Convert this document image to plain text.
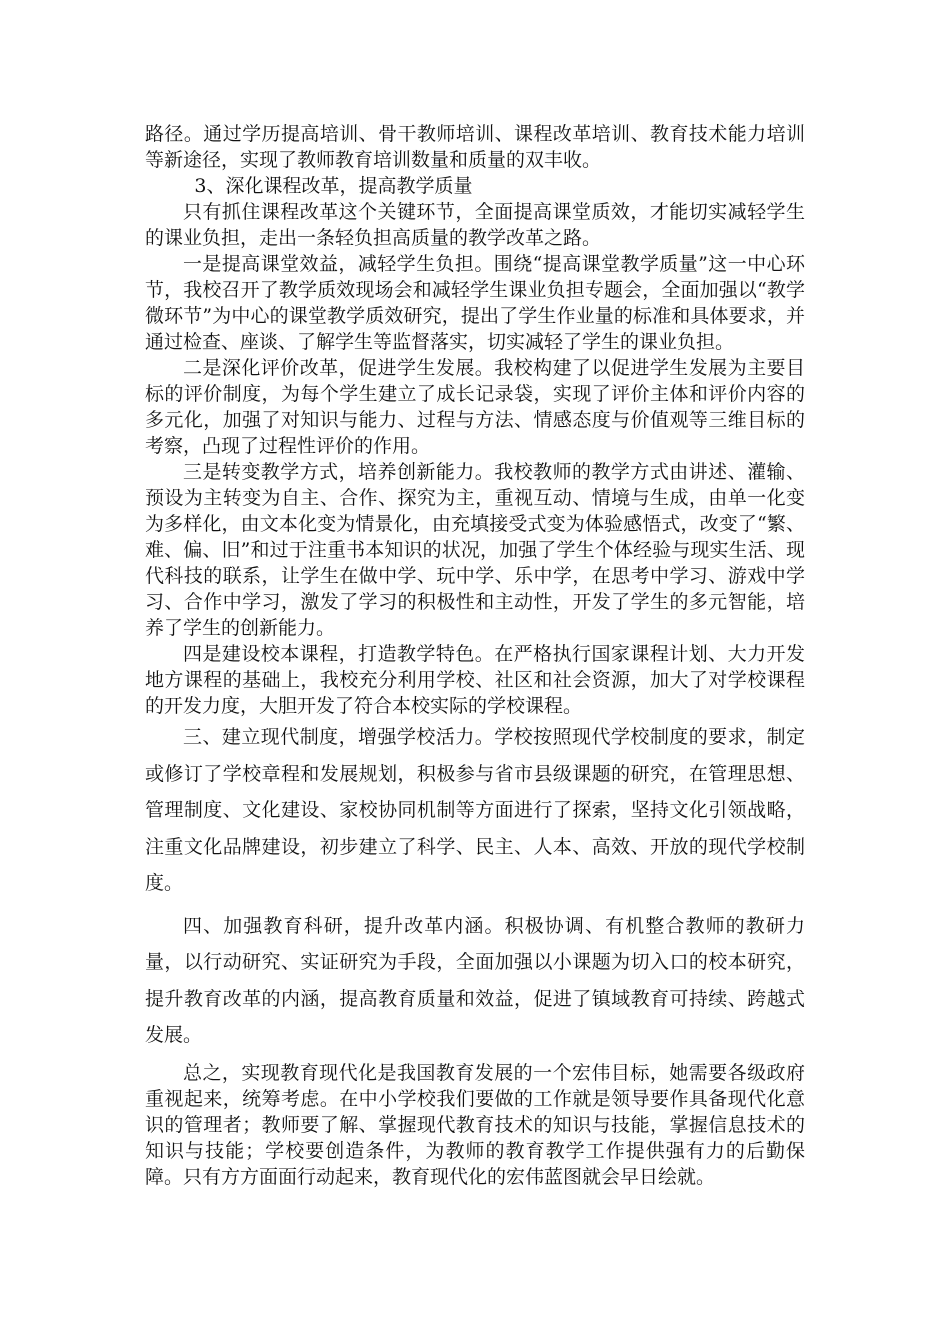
路径。通过学历提高培训、骨干教师培训、课程改革培训、教育技术能力培训等新途径，实现了教师教育培训数量和质量的双丰收。

3、深化课程改革，提高教学质量

只有抓住课程改革这个关键环节，全面提高课堂质效，才能切实减轻学生的课业负担，走出一条轻负担高质量的教学改革之路。

一是提高课堂效益，减轻学生负担。围绕“提高课堂教学质量”这一中心环节，我校召开了教学质效现场会和减轻学生课业负担专题会，全面加强以“教学微环节”为中心的课堂教学质效研究，提出了学生作业量的标准和具体要求，并通过检查、座谈、了解学生等监督落实，切实减轻了学生的课业负担。

二是深化评价改革，促进学生发展。我校构建了以促进学生发展为主要目标的评价制度，为每个学生建立了成长记录袋，实现了评价主体和评价内容的多元化，加强了对知识与能力、过程与方法、情感态度与价值观等三维目标的考察，凸现了过程性评价的作用。

三是转变教学方式，培养创新能力。我校教师的教学方式由讲述、灌输、预设为主转变为自主、合作、探究为主，重视互动、情境与生成，由单一化变为多样化，由文本化变为情景化，由充填接受式变为体验感悟式，改变了“繁、难、偏、旧”和过于注重书本知识的状况，加强了学生个体经验与现实生活、现代科技的联系，让学生在做中学、玩中学、乐中学，在思考中学习、游戏中学习、合作中学习，激发了学习的积极性和主动性，开发了学生的多元智能，培养了学生的创新能力。

四是建设校本课程，打造教学特色。在严格执行国家课程计划、大力开发地方课程的基础上，我校充分利用学校、社区和社会资源，加大了对学校课程的开发力度，大胆开发了符合本校实际的学校课程。

三、建立现代制度，增强学校活力。学校按照现代学校制度的要求，制定或修订了学校章程和发展规划，积极参与省市县级课题的研究，在管理思想、管理制度、文化建设、家校协同机制等方面进行了探索，坚持文化引领战略，注重文化品牌建设，初步建立了科学、民主、人本、高效、开放的现代学校制度。

四、加强教育科研，提升改革内涵。积极协调、有机整合教师的教研力量，以行动研究、实证研究为手段，全面加强以小课题为切入口的校本研究，提升教育改革的内涵，提高教育质量和效益，促进了镇域教育可持续、跨越式发展。

总之，实现教育现代化是我国教育发展的一个宏伟目标，她需要各级政府重视起来，统筹考虑。在中小学校我们要做的工作就是领导要作具备现代化意识的管理者；教师要了解、掌握现代教育技术的知识与技能，掌握信息技术的知识与技能；学校要创造条件，为教师的教育教学工作提供强有力的后勤保障。只有方方面面行动起来，教育现代化的宏伟蓝图就会早日绘就。
